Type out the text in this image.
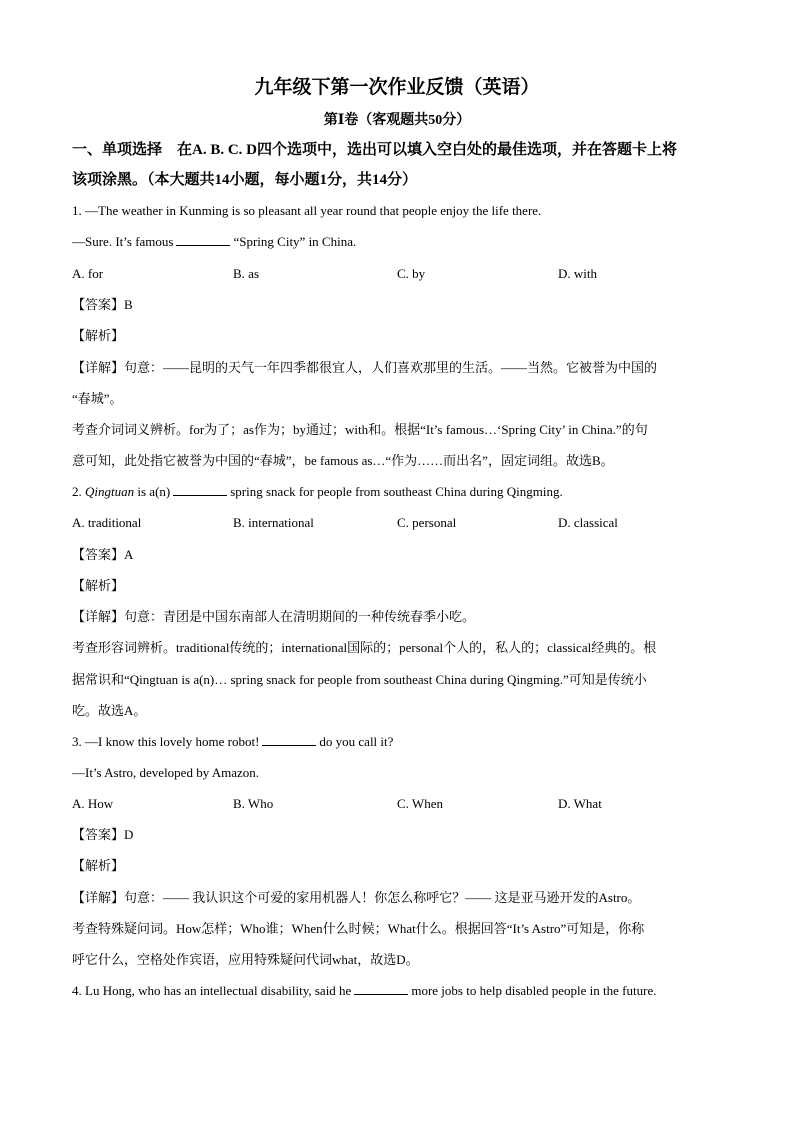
九年级下第一次作业反馈（英语）
第Ⅰ卷（客观题共50分）
一、单项选择　在A. B. C. D四个选项中，选出可以填入空白处的最佳选项，并在答题卡上将
该项涂黑。（本大题共14小题，每小题1分，共14分）
1. —The weather in Kunming is so pleasant all year round that people enjoy the life there.
—Sure. It’s famous	“Spring City” in China.
A. for	B. as	C. by	D. with
【答案】B
【解析】
【详解】句意：——昆明的天气一年四季都很宜人，人们喜欢那里的生活。——当然。它被誉为中国的
“春城”。
考查介词词义辨析。for为了；as作为；by通过；with和。根据“It’s famous…‘Spring City’ in China.”的句
意可知，此处指它被誉为中国的“春城”，be famous as…“作为……而出名”，固定词组。故选B。
2. Qingtuan is a(n)	spring snack for people from southeast China during Qingming.
A. traditional	B. international	C. personal	D. classical
【答案】A
【解析】
【详解】句意：青团是中国东南部人在清明期间的一种传统春季小吃。
考查形容词辨析。traditional传统的；international国际的；personal个人的，私人的；classical经典的。根
据常识和“Qingtuan is a(n)… spring snack for people from southeast China during Qingming.”可知是传统小
吃。故选A。
3. —I know this lovely home robot!	do you call it?
—It’s Astro, developed by Amazon.
A. How	B. Who	C. When	D. What
【答案】D
【解析】
【详解】句意：—— 我认识这个可爱的家用机器人！你怎么称呼它？—— 这是亚马逊开发的Astro。
考查特殊疑问词。How怎样；Who谁；When什么时候；What什么。根据回答“It’s Astro”可知是，你称
呼它什么，空格处作宾语，应用特殊疑问代词what，故选D。
4. Lu Hong, who has an intellectual disability, said he	more jobs to help disabled people in the future.
